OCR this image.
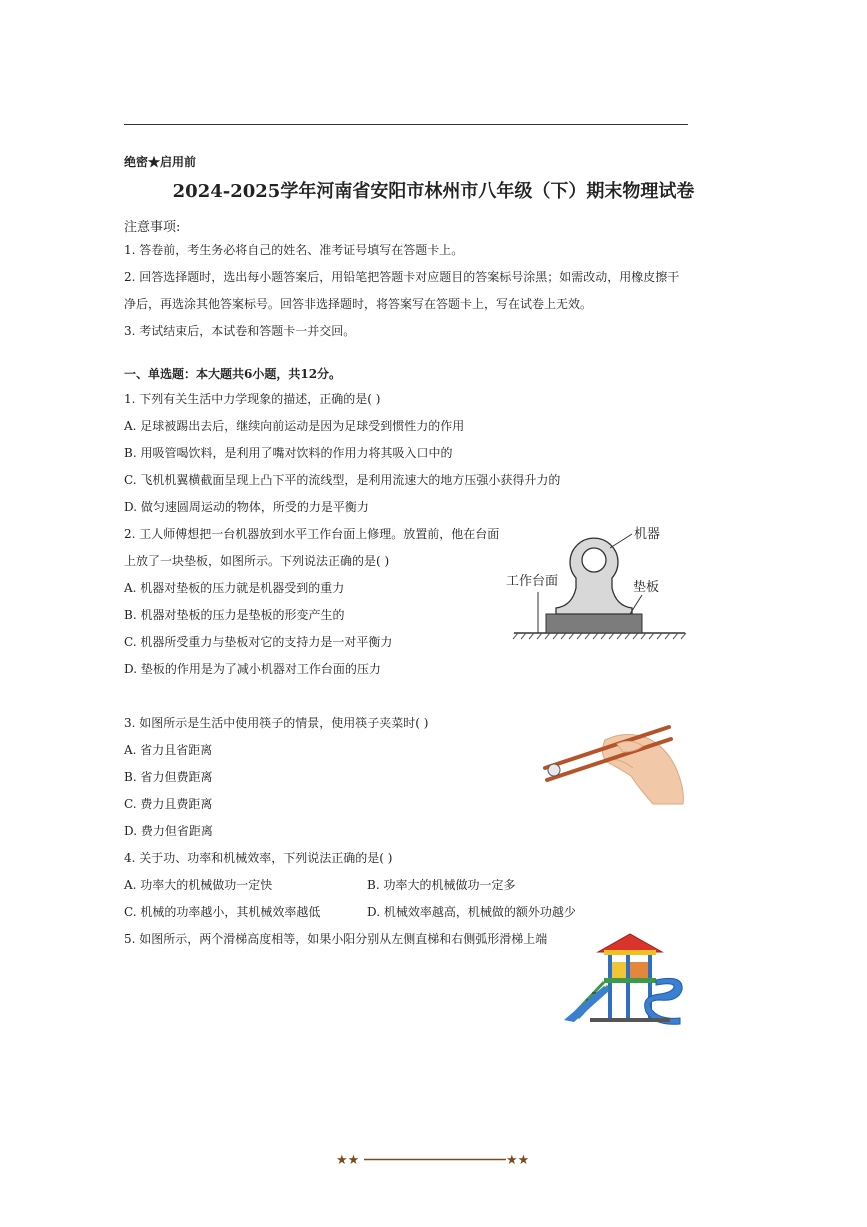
绝密★启用前
2024-2025学年河南省安阳市林州市八年级（下）期末物理试卷
注意事项:
1. 答卷前，考生务必将自己的姓名、准考证号填写在答题卡上。
2. 回答选择题时，选出每小题答案后，用铅笔把答题卡对应题目的答案标号涂黑；如需改动，用橡皮擦干
净后，再选涂其他答案标号。回答非选择题时，将答案写在答题卡上，写在试卷上无效。
3. 考试结束后，本试卷和答题卡一并交回。
一、单选题：本大题共6小题，共12分。
1. 下列有关生活中力学现象的描述，正确的是( )
A. 足球被踢出去后，继续向前运动是因为足球受到惯性力的作用
B. 用吸管喝饮料，是利用了嘴对饮料的作用力将其吸入口中的
C. 飞机机翼横截面呈现上凸下平的流线型，是利用流速大的地方压强小获得升力的
D. 做匀速圆周运动的物体，所受的力是平衡力
2. 工人师傅想把一台机器放到水平工作台面上修理。放置前，他在台面
上放了一块垫板，如图所示。下列说法正确的是( )
A. 机器对垫板的压力就是机器受到的重力
B. 机器对垫板的压力是垫板的形变产生的
C. 机器所受重力与垫板对它的支持力是一对平衡力
D. 垫板的作用是为了减小机器对工作台面的压力
机器
工作台面	垫板
3. 如图所示是生活中使用筷子的情景，使用筷子夹菜时( )
A. 省力且省距离
B. 省力但费距离
C. 费力且费距离
D. 费力但省距离
4. 关于功、功率和机械效率，下列说法正确的是( )
A. 功率大的机械做功一定快	B. 功率大的机械做功一定多
C. 机械的功率越小，其机械效率越低	D. 机械效率越高，机械做的额外功越少
5. 如图所示，两个滑梯高度相等，如果小阳分别从左侧直梯和右侧弧形滑梯上端
★★	★★
